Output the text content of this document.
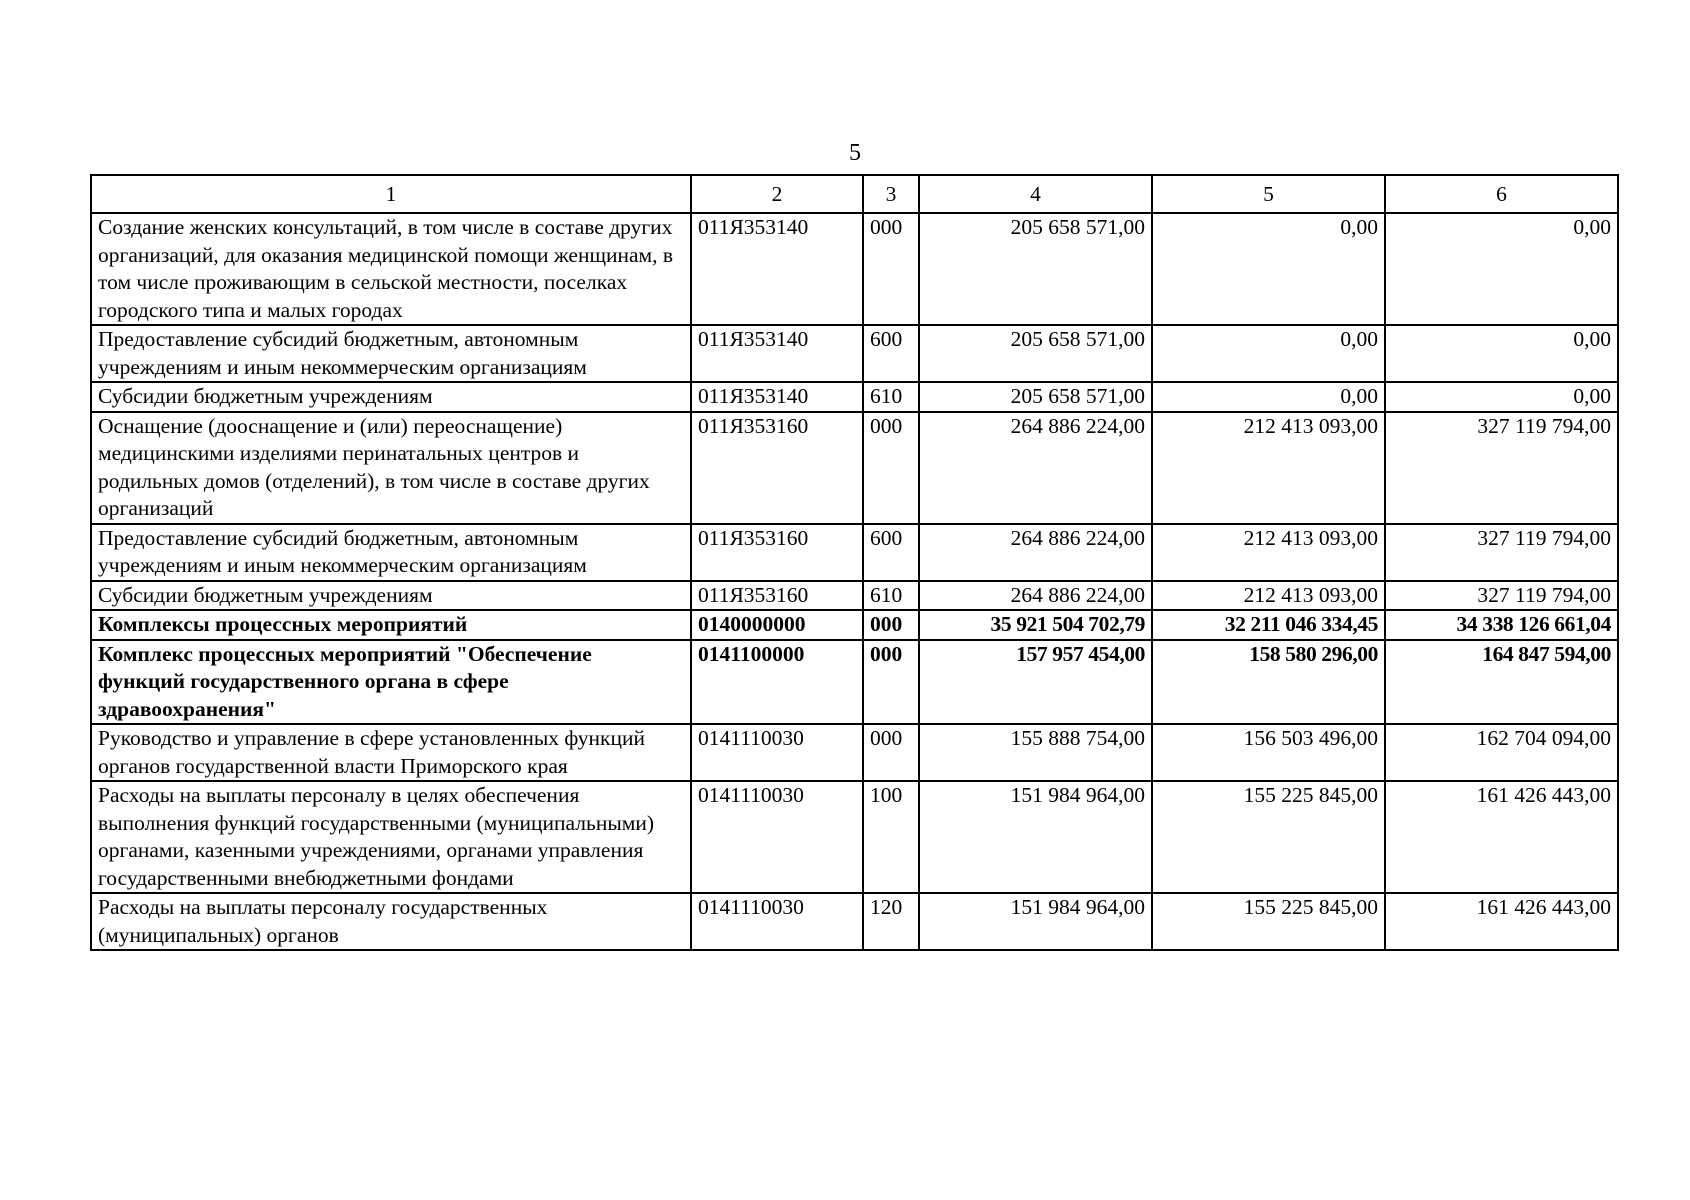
5
1	2	3	4	5	6
Создание женских консультаций, в том числе в составе других организаций, для оказания медицинской помощи женщинам, в том числе проживающим в сельской местности, поселках городского типа и малых городах	011Я353140	000	205 658 571,00	0,00	0,00
Предоставление субсидий бюджетным, автономным учреждениям и иным некоммерческим организациям	011Я353140	600	205 658 571,00	0,00	0,00
Субсидии бюджетным учреждениям	011Я353140	610	205 658 571,00	0,00	0,00
Оснащение (дооснащение и (или) переоснащение) медицинскими изделиями перинатальных центров и родильных домов (отделений), в том числе в составе других организаций	011Я353160	000	264 886 224,00	212 413 093,00	327 119 794,00
Предоставление субсидий бюджетным, автономным учреждениям и иным некоммерческим организациям	011Я353160	600	264 886 224,00	212 413 093,00	327 119 794,00
Субсидии бюджетным учреждениям	011Я353160	610	264 886 224,00	212 413 093,00	327 119 794,00
Комплексы процессных мероприятий	0140000000	000	35 921 504 702,79	32 211 046 334,45	34 338 126 661,04
Комплекс процессных мероприятий "Обеспечение функций государственного органа в сфере здравоохранения"	0141100000	000	157 957 454,00	158 580 296,00	164 847 594,00
Руководство и управление в сфере установленных функций органов государственной власти Приморского края	0141110030	000	155 888 754,00	156 503 496,00	162 704 094,00
Расходы на выплаты персоналу в целях обеспечения выполнения функций государственными (муниципальными) органами, казенными учреждениями, органами управления государственными внебюджетными фондами	0141110030	100	151 984 964,00	155 225 845,00	161 426 443,00
Расходы на выплаты персоналу государственных (муниципальных) органов	0141110030	120	151 984 964,00	155 225 845,00	161 426 443,00
